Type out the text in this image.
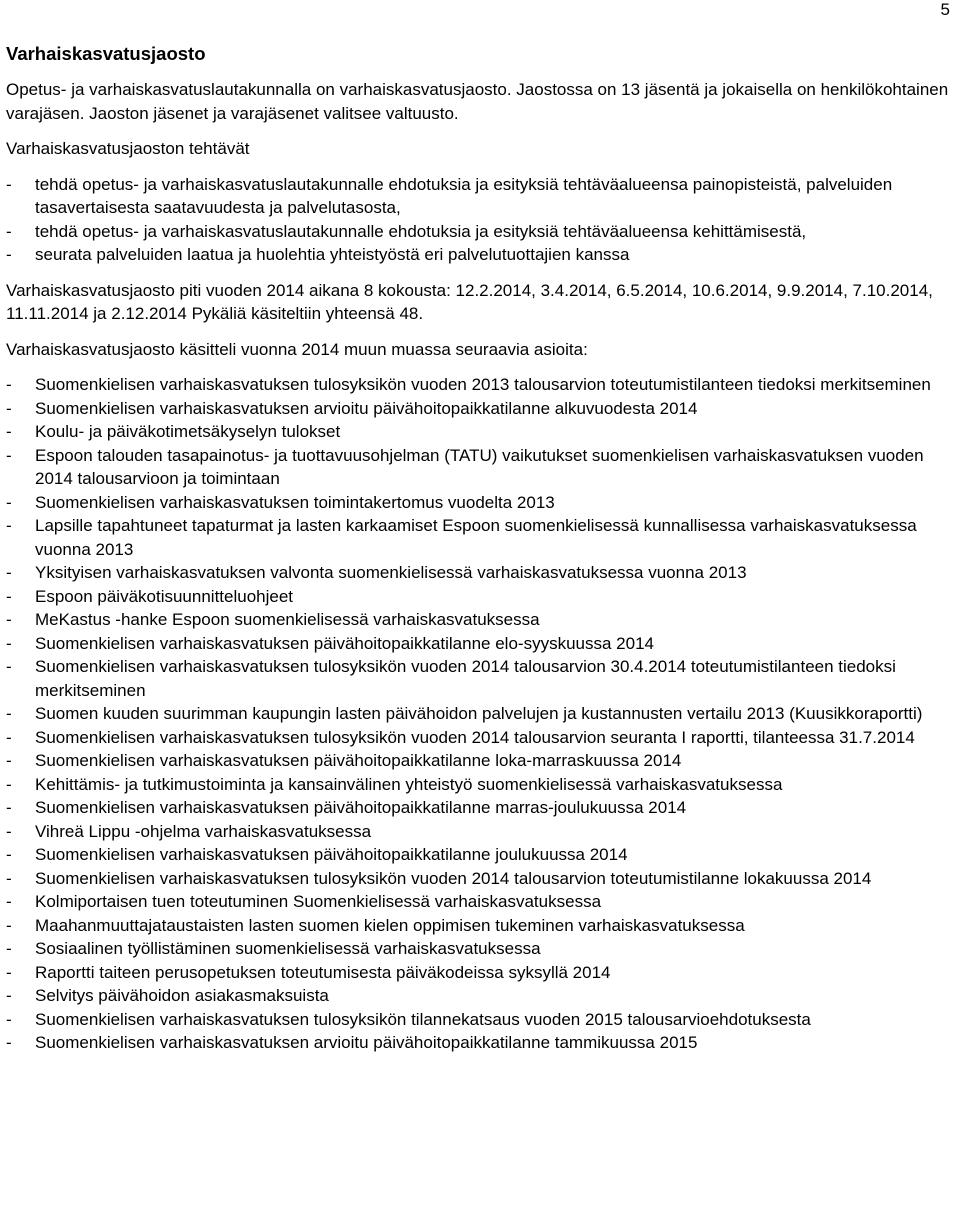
5
Varhaiskasvatusjaosto

Opetus- ja varhaiskasvatuslautakunnalla on varhaiskasvatusjaosto. Jaostossa on 13 jäsentä ja jokaisella on henkilökohtainen varajäsen. Jaoston jäsenet ja varajäsenet valitsee valtuusto.

Varhaiskasvatusjaoston tehtävät

- tehdä opetus- ja varhaiskasvatuslautakunnalle ehdotuksia ja esityksiä tehtäväalueensa painopisteistä, palveluiden tasavertaisesta saatavuudesta ja palvelutasosta,
- tehdä opetus- ja varhaiskasvatuslautakunnalle ehdotuksia ja esityksiä tehtäväalueensa kehittämisestä,
- seurata palveluiden laatua ja huolehtia yhteistyöstä eri palvelutuottajien kanssa

Varhaiskasvatusjaosto piti vuoden 2014 aikana 8 kokousta: 12.2.2014, 3.4.2014, 6.5.2014, 10.6.2014, 9.9.2014, 7.10.2014, 11.11.2014 ja 2.12.2014 Pykäliä käsiteltiin yhteensä 48.

Varhaiskasvatusjaosto käsitteli vuonna 2014 muun muassa seuraavia asioita:

- Suomenkielisen varhaiskasvatuksen tulosyksikön vuoden 2013 talousarvion toteutumistilanteen tiedoksi merkitseminen
- Suomenkielisen varhaiskasvatuksen arvioitu päivähoitopaikkatilanne alkuvuodesta 2014
- Koulu- ja päiväkotimetsäkyselyn tulokset
- Espoon talouden tasapainotus- ja tuottavuusohjelman (TATU) vaikutukset suomenkielisen varhaiskasvatuksen vuoden 2014 talousarvioon ja toimintaan
- Suomenkielisen varhaiskasvatuksen toimintakertomus vuodelta 2013
- Lapsille tapahtuneet tapaturmat ja lasten karkaamiset Espoon suomenkielisessä kunnallisessa varhaiskasvatuksessa vuonna 2013
- Yksityisen varhaiskasvatuksen valvonta suomenkielisessä varhaiskasvatuksessa vuonna 2013
- Espoon päiväkotisuunnitteluohjeet
- MeKastus -hanke Espoon suomenkielisessä varhaiskasvatuksessa
- Suomenkielisen varhaiskasvatuksen päivähoitopaikkatilanne elo-syyskuussa 2014
- Suomenkielisen varhaiskasvatuksen tulosyksikön vuoden 2014 talousarvion 30.4.2014 toteutumistilanteen tiedoksi merkitseminen
- Suomen kuuden suurimman kaupungin lasten päivähoidon palvelujen ja kustannusten vertailu 2013 (Kuusikkoraportti)
- Suomenkielisen varhaiskasvatuksen tulosyksikön vuoden 2014 talousarvion seuranta I raportti, tilanteessa 31.7.2014
- Suomenkielisen varhaiskasvatuksen päivähoitopaikkatilanne loka-marraskuussa 2014
- Kehittämis- ja tutkimustoiminta ja kansainvälinen yhteistyö suomenkielisessä varhaiskasvatuksessa
- Suomenkielisen varhaiskasvatuksen päivähoitopaikkatilanne marras-joulukuussa 2014
- Vihreä Lippu -ohjelma varhaiskasvatuksessa
- Suomenkielisen varhaiskasvatuksen päivähoitopaikkatilanne joulukuussa 2014
- Suomenkielisen varhaiskasvatuksen tulosyksikön vuoden 2014 talousarvion toteutumistilanne lokakuussa 2014
- Kolmiportaisen tuen toteutuminen Suomenkielisessä varhaiskasvatuksessa
- Maahanmuuttajataustaisten lasten suomen kielen oppimisen tukeminen varhaiskasvatuksessa
- Sosiaalinen työllistäminen suomenkielisessä varhaiskasvatuksessa
- Raportti taiteen perusopetuksen toteutumisesta päiväkodeissa syksyllä 2014
- Selvitys päivähoidon asiakasmaksuista
- Suomenkielisen varhaiskasvatuksen tulosyksikön tilannekatsaus vuoden 2015 talousarvioehdotuksesta
- Suomenkielisen varhaiskasvatuksen arvioitu päivähoitopaikkatilanne tammikuussa 2015
